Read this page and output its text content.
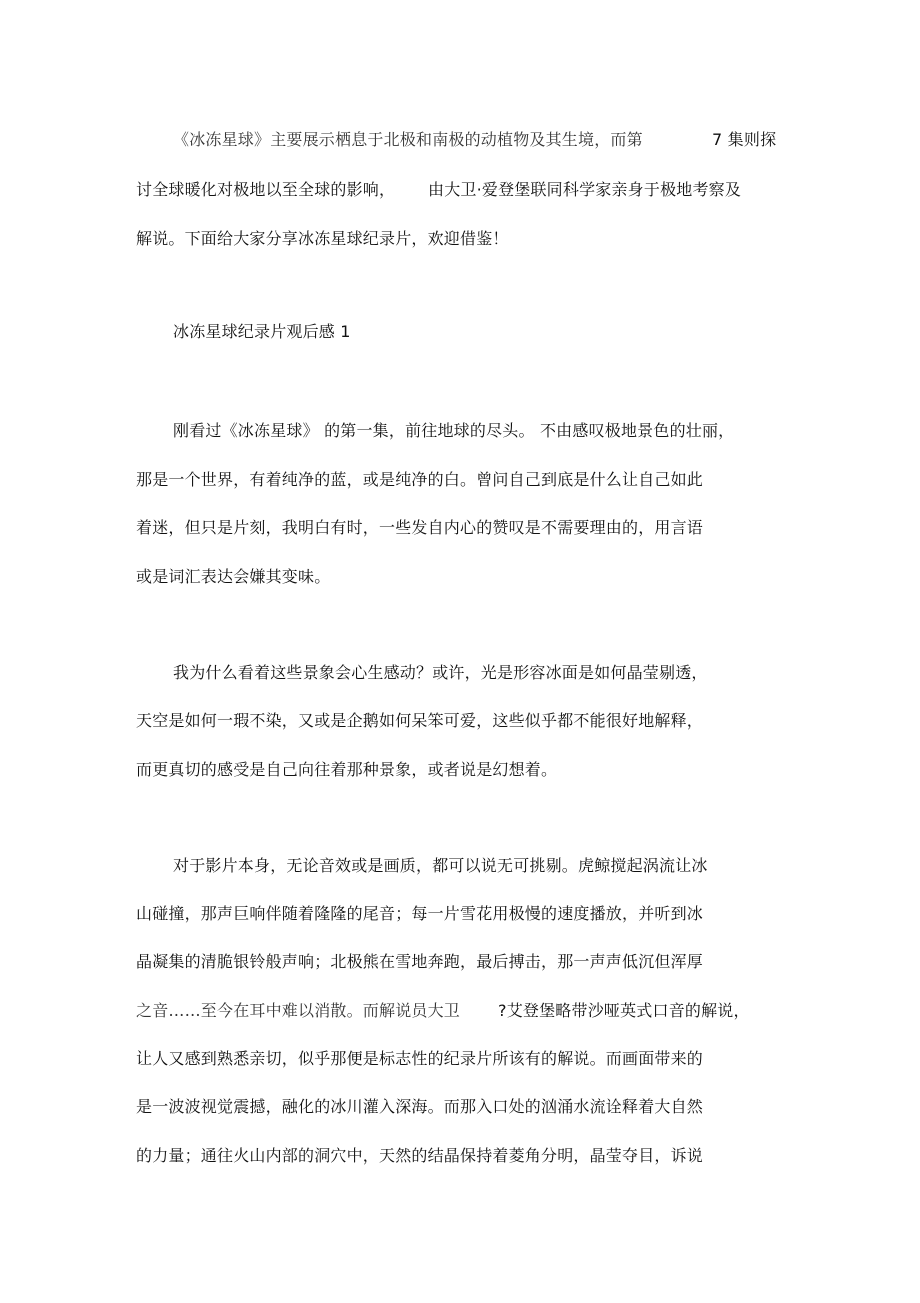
《冰冻星球》主要展示栖息于北极和南极的动植物及其生境，而第	7 集则探
讨全球暖化对极地以至全球的影响， 由大卫·爱登堡联同科学家亲身于极地考察及
解说。下面给大家分享冰冻星球纪录片，欢迎借鉴！
冰冻星球纪录片观后感 1
刚看过《冰冻星球》 的第一集，前往地球的尽头。 不由感叹极地景色的壮丽，
那是一个世界，有着纯净的蓝，或是纯净的白。曾问自己到底是什么让自己如此
着迷，但只是片刻，我明白有时，一些发自内心的赞叹是不需要理由的，用言语
或是词汇表达会嫌其变味。
我为什么看着这些景象会心生感动？或许，光是形容冰面是如何晶莹剔透，
天空是如何一瑕不染，又或是企鹅如何呆笨可爱，这些似乎都不能很好地解释，
而更真切的感受是自己向往着那种景象，或者说是幻想着。
对于影片本身，无论音效或是画质，都可以说无可挑剔。虎鲸搅起涡流让冰
山碰撞，那声巨响伴随着隆隆的尾音；每一片雪花用极慢的速度播放，并听到冰
晶凝集的清脆银铃般声响；北极熊在雪地奔跑，最后搏击，那一声声低沉但浑厚
之音……至今在耳中难以消散。而解说员大卫 ?艾登堡略带沙哑英式口音的解说，
让人又感到熟悉亲切，似乎那便是标志性的纪录片所该有的解说。而画面带来的
是一波波视觉震撼，融化的冰川灌入深海。而那入口处的汹涌水流诠释着大自然
的力量；通往火山内部的洞穴中，天然的结晶保持着菱角分明，晶莹夺目，诉说
